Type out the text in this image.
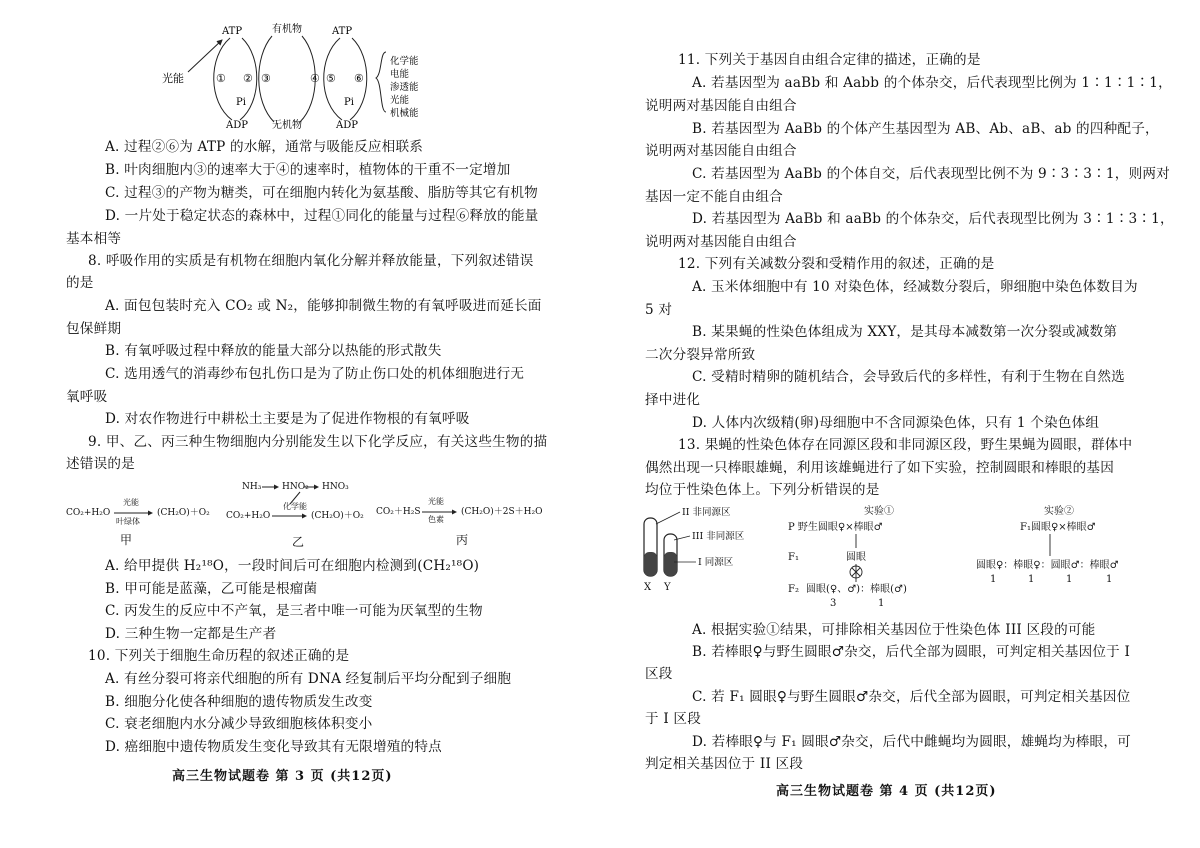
光能
ATP
ADP
Pi
① ②
有机物
无机物
③	④
ATP
ADP
Pi
⑤ ⑥
化学能
电能
渗透能
光能
机械能
A. 过程②⑥为 ATP 的水解，通常与吸能反应相联系
B. 叶肉细胞内③的速率大于④的速率时，植物体的干重不一定增加
C. 过程③的产物为糖类，可在细胞内转化为氨基酸、脂肪等其它有机物
D. 一片处于稳定状态的森林中，过程①同化的能量与过程⑥释放的能量
基本相等
8. 呼吸作用的实质是有机物在细胞内氧化分解并释放能量，下列叙述错误
的是
A. 面包包装时充入 CO₂ 或 N₂，能够抑制微生物的有氧呼吸进而延长面
包保鲜期
B. 有氧呼吸过程中释放的能量大部分以热能的形式散失
C. 选用透气的消毒纱布包扎伤口是为了防止伤口处的机体细胞进行无
氧呼吸
D. 对农作物进行中耕松土主要是为了促进作物根的有氧呼吸
9. 甲、乙、丙三种生物细胞内分别能发生以下化学反应，有关这些生物的描
述错误的是
CO₂+H₂O
光能
叶绿体
(CH₂O)＋O₂
甲
NH₃ HNO₂ HNO₃
CO₂+H₂O
化学能
(CH₂O)＋O₂
乙
CO₂＋H₂S
光能
色素
(CH₂O)＋2S＋H₂O
丙
A. 给甲提供 H₂¹⁸O，一段时间后可在细胞内检测到(CH₂¹⁸O)
B. 甲可能是蓝藻，乙可能是根瘤菌
C. 丙发生的反应中不产氧，是三者中唯一可能为厌氧型的生物
D. 三种生物一定都是生产者
10. 下列关于细胞生命历程的叙述正确的是
A. 有丝分裂可将亲代细胞的所有 DNA 经复制后平均分配到子细胞
B. 细胞分化使各种细胞的遗传物质发生改变
C. 衰老细胞内水分减少导致细胞核体积变小
D. 癌细胞中遗传物质发生变化导致其有无限增殖的特点
高三生物试题卷 第 3 页 (共12页)
11. 下列关于基因自由组合定律的描述，正确的是
A. 若基因型为 aaBb 和 Aabb 的个体杂交，后代表现型比例为 1∶1∶1∶1，
说明两对基因能自由组合
B. 若基因型为 AaBb 的个体产生基因型为 AB、Ab、aB、ab 的四种配子，
说明两对基因能自由组合
C. 若基因型为 AaBb 的个体自交，后代表现型比例不为 9∶3∶3∶1，则两对
基因一定不能自由组合
D. 若基因型为 AaBb 和 aaBb 的个体杂交，后代表现型比例为 3∶1∶3∶1，
说明两对基因能自由组合
12. 下列有关减数分裂和受精作用的叙述，正确的是
A. 玉米体细胞中有 10 对染色体，经减数分裂后，卵细胞中染色体数目为
5 对
B. 某果蝇的性染色体组成为 XXY，是其母本减数第一次分裂或减数第
二次分裂异常所致
C. 受精时精卵的随机结合，会导致后代的多样性，有利于生物在自然选
择中进化
D. 人体内次级精(卵)母细胞中不含同源染色体，只有 1 个染色体组
13. 果蝇的性染色体存在同源区段和非同源区段，野生果蝇为圆眼，群体中
偶然出现一只棒眼雄蝇，利用该雄蝇进行了如下实验，控制圆眼和棒眼的基因
均位于性染色体上。下列分析错误的是
II 非同源区
III 非同源区
I 同源区
X Y
实验①
P 野生圆眼♀×棒眼♂
F₁	圆眼
F₂ 圆眼(♀、♂)：棒眼(♂)
3	1
实验②
F₁圆眼♀×棒眼♂
圆眼♀：棒眼♀：圆眼♂：棒眼♂
1	1	1	1
A. 根据实验①结果，可排除相关基因位于性染色体 III 区段的可能
B. 若棒眼♀与野生圆眼♂杂交，后代全部为圆眼，可判定相关基因位于 I
区段
C. 若 F₁ 圆眼♀与野生圆眼♂杂交，后代全部为圆眼，可判定相关基因位
于 I 区段
D. 若棒眼♀与 F₁ 圆眼♂杂交，后代中雌蝇均为圆眼，雄蝇均为棒眼，可
判定相关基因位于 II 区段
高三生物试题卷 第 4 页 (共12页)
